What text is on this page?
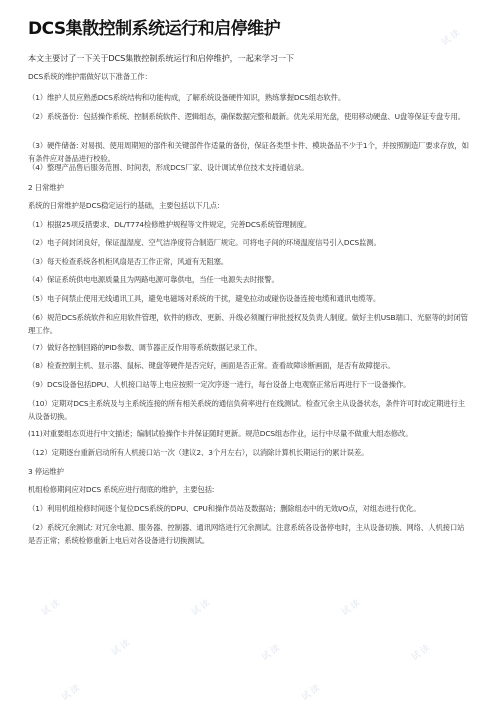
DCS集散控制系统运行和启停维护
本文主要讨了一下关于DCS集散控制系统运行和启停维护，一起来学习一下
DCS系统的维护需做好以下准备工作：
（1）维护人员应熟悉DCS系统结构和功能构成，了解系统设备硬件知识，熟练掌握DCS组态软件。
（2）系统备份：包括操作系统、控制系统软件、逻辑组态，确保数据完整和最新。优先采用光盘，使用移动硬盘、U盘等保证专盘专用。
（3）硬件储备: 对易损、使用周期短的部件和关键部件作适量的备份，保证各类型卡件、模块备品不少于1个，并按照制造厂要求存放，如有条件应对备品进行校验。
（4）整理产品售后服务范围、时间表，形成DCS厂家、设计调试单位技术支持通信录。
2 日常维护
系统的日常维护是DCS稳定运行的基础，主要包括以下几点：
（1）根据25项反措要求、DL/T774检修维护规程等文件规定，完善DCS系统管理制度。
（2）电子间封闭良好，保证温湿度、空气洁净度符合制造厂规定。可将电子间的环境温度信号引入DCS监测。
（3）每天检查系统各机柜风扇是否工作正常，风道有无阻塞。
（4）保证系统供电电源质量且为两路电源可靠供电，当任一电源失去时报警。
（5）电子间禁止使用无线通讯工具，避免电磁场对系统的干扰，避免拉动或碰伤设备连接电缆和通讯电缆等。
（6）规范DCS系统软件和应用软件管理，软件的修改、更新、升级必须履行审批授权及负责人制度。做好主机USB端口、光驱等的封闭管理工作。
（7）做好各控制回路的PID参数、调节器正反作用等系统数据记录工作。
（8）检查控制主机、显示器、鼠标、键盘等硬件是否完好，画面是否正常。查看故障诊断画面，是否有故障提示。
（9）DCS设备包括DPU、人机接口站等上电应按照一定次序逐一进行，每台设备上电观察正常后再进行下一设备操作。
（10）定期对DCS主系统及与主系统连接的所有相关系统的通信负荷率进行在线测试。检查冗余主从设备状态，条件许可时或定期进行主从设备切换。
(11)对重要组态页进行中文描述；编制试验操作卡并保证随时更新。规范DCS组态作业，运行中尽量不做重大组态修改。
（12）定期逐台重新启动所有人机接口站一次（建议2、3个月左右），以消除计算机长期运行的累计误差。
3 停运维护
机组检修期间应对DCS 系统应进行彻底的维护，主要包括:
（1）利用机组检修时间逐个复位DCS系统的DPU、CPU和操作员站及数据站；删除组态中的无效I/O点，对组态进行优化。
（2）系统冗余测试: 对冗余电源、服务器、控制器、通讯网络进行冗余测试。注意系统各设备停电时，主从设备切换、网络、人机接口站是否正常；系统检修重新上电后对各设备进行切换测试。
试读
试读
试读
试读
试读
试读
试读
试读	试读
